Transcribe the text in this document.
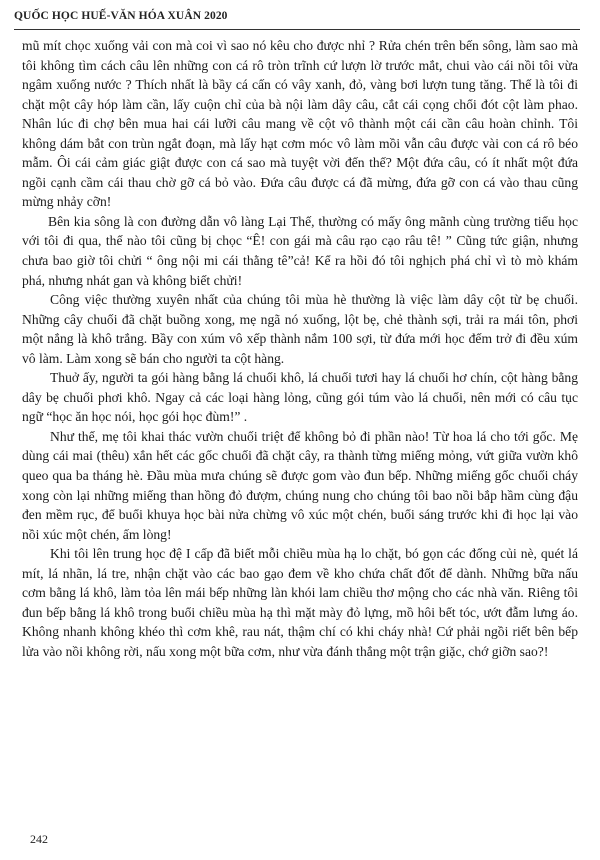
QUỐC HỌC HUẾ-VĂN HÓA XUÂN 2020

mũ mít chọc xuống vải con mà coi vì sao nó kêu cho được nhỉ ? Rửa chén trên bến sông, làm sao mà tôi không tìm cách câu lên những con cá rô tròn trĩnh cứ lượn lờ trước mắt, chui vào cái nồi tôi vừa ngâm xuống nước ? Thích nhất là bầy cá cấn có vây xanh, đỏ, vàng bơi lượn tung tăng. Thế là tôi đi chặt một cây hóp làm cần, lấy cuộn chỉ của bà nội làm dây câu, cắt cái cọng chổi đót cột làm phao. Nhân lúc đi chợ bên mua hai cái lưỡi câu mang về cột vô thành một cái cần câu hoàn chỉnh. Tôi không dám bắt con trùn ngắt đoạn, mà lấy hạt cơm móc vô làm mồi vẫn câu được vài con cá rô béo mẫm. Ôi cái cảm giác giật được con cá sao mà tuyệt vời đến thế? Một đứa câu, có ít nhất một đứa ngồi cạnh cầm cái thau chờ gỡ cá bỏ vào. Đứa câu được cá đã mừng, đứa gỡ con cá vào thau cũng mừng nhảy cỡn!

Bên kia sông là con đường dẫn vô làng Lại Thế, thường có mấy ông mãnh cùng trường tiểu học với tôi đi qua, thế nào tôi cũng bị chọc “Ê! con gái mà câu rạo cạo râu tê! ” Cũng tức giận, nhưng chưa bao giờ tôi chửi “ ông nội mi cái thằng tê”cả! Kể ra hồi đó tôi nghịch phá chỉ vì tò mò khám phá, nhưng nhát gan và không biết chửi!

Công việc thường xuyên nhất của chúng tôi mùa hè thường là việc làm dây cột từ bẹ chuối. Những cây chuối đã chặt buồng xong, mẹ ngã nó xuống, lột bẹ, chẻ thành sợi, trải ra mái tôn, phơi một nắng là khô trắng. Bầy con xúm vô xếp thành nắm 100 sợi, từ đứa mới học đếm trở đi đều xúm vô làm. Làm xong sẽ bán cho người ta cột hàng.

Thuở ấy, người ta gói hàng bằng lá chuối khô, lá chuối tươi hay lá chuối hơ chín, cột hàng bằng dây bẹ chuối phơi khô. Ngay cả các loại hàng lỏng, cũng gói túm vào lá chuối, nên mới có câu tục ngữ “học ăn học nói, học gói học đùm!” .

Như thế, mẹ tôi khai thác vườn chuối triệt để không bỏ đi phần nào! Từ hoa lá cho tới gốc. Mẹ dùng cái mai (thêu) xắn hết các gốc chuối đã chặt cây, ra thành từng miếng mỏng, vứt giữa vườn khô queo qua ba tháng hè. Đầu mùa mưa chúng sẽ được gom vào đun bếp. Những miếng gốc chuối cháy xong còn lại những miếng than hồng đỏ đượm, chúng nung cho chúng tôi bao nồi bắp hầm cùng đậu đen mềm rục, để buổi khuya học bài nửa chừng vô xúc một chén, buổi sáng trước khi đi học lại vào nồi xúc một chén, ấm lòng!

Khi tôi lên trung học đệ I cấp đã biết mỗi chiều mùa hạ lo chặt, bó gọn các đống củi nè, quét lá mít, lá nhãn, lá tre, nhận chặt vào các bao gạo đem về kho chứa chất đốt để dành. Những bữa nấu cơm bằng lá khô, làm tỏa lên mái bếp những làn khói lam chiều thơ mộng cho các nhà văn. Riêng tôi đun bếp bằng lá khô trong buổi chiều mùa hạ thì mặt mày đỏ lựng, mồ hôi bết tóc, ướt đẫm lưng áo. Không nhanh không khéo thì cơm khê, rau nát, thậm chí có khi cháy nhà! Cứ phải ngồi riết bên bếp lửa vào nồi không rời, nấu xong một bữa cơm, như vừa đánh thắng một trận giặc, chớ giỡn sao?!

242
